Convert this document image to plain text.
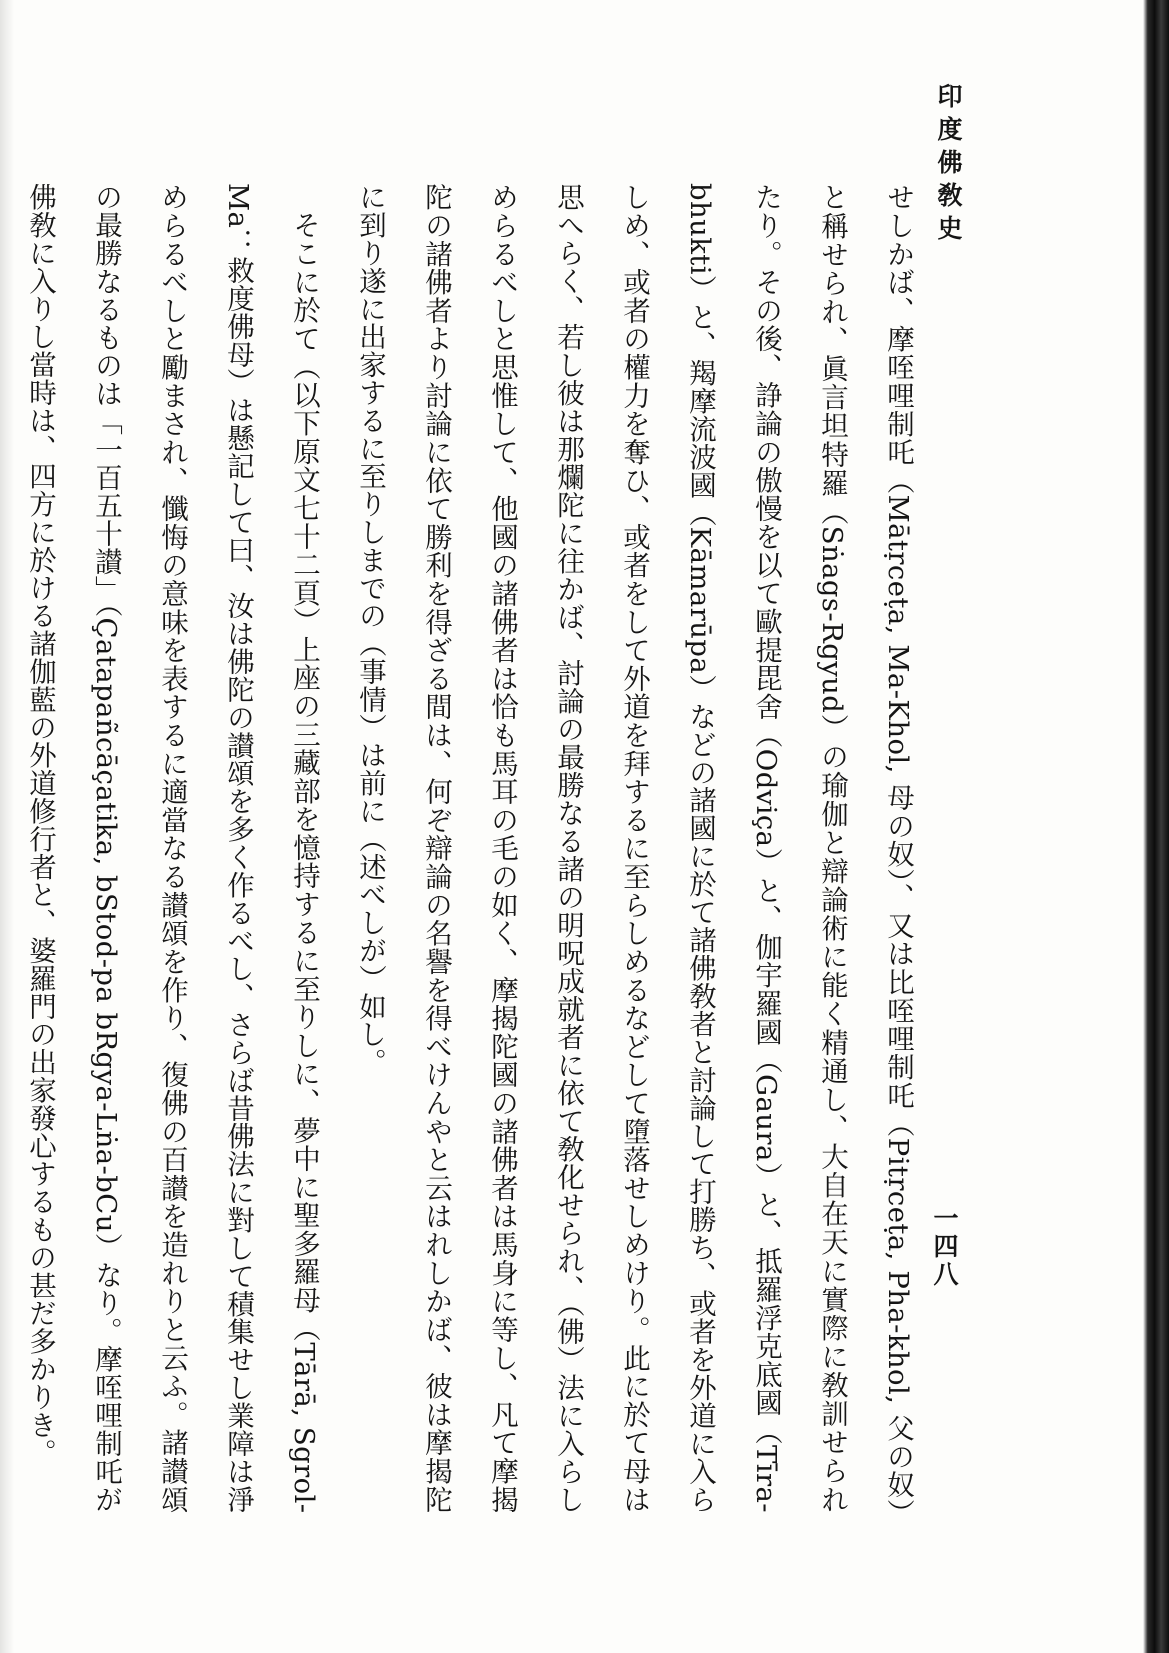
印度佛敎史
一四八

せしかば、摩咥哩制吒（Mātṛceṭa, Ma-Khol, 母の奴）、又は比咥哩制吒（Pitṛceṭa, Pha-khol, 父の奴）と稱せられ、眞言坦特羅（Sṅags-Rgyud）の瑜伽と辯論術に能く精通し、大自在天に實際に敎訓せられたり。その後、諍論の傲慢を以て歐提毘舍（Odviça）と、伽宇羅國（Gaura）と、抵羅浮克底國（Tīra-bhukti）と、羯摩流波國（Kāmarūpa）などの諸國に於て諸佛敎者と討論して打勝ち、或者を外道に入らしめ、或者の權力を奪ひ、或者をして外道を拜するに至らしめるなどして墮落せしめけり。此に於て母は思へらく、若し彼は那爛陀に往かば、討論の最勝なる諸の明呪成就者に依て敎化せられ、（佛）法に入らしめらるべしと思惟して、他國の諸佛者は恰も馬耳の毛の如く、摩揭陀國の諸佛者は馬身に等し、凡て摩揭陀の諸佛者より討論に依て勝利を得ざる間は、何ぞ辯論の名譽を得べけんやと云はれしかば、彼は摩揭陀に到り遂に出家するに至りしまでの（事情）は前に（述べしが）如し。

そこに於て（以下原文七十二頁）上座の三藏部を憶持するに至りしに、夢中に聖多羅母（Tārā, Sgrol-Ma：救度佛母）は懸記して曰、汝は佛陀の讃頌を多く作るべし、さらば昔佛法に對して積集せし業障は淨めらるべしと勵まされ、懺悔の意味を表するに適當なる讃頌を作り、復佛の百讃を造れりと云ふ。諸讃頌の最勝なるものは「一百五十讃」（Çatapañcāçatika, bStod-pa bRgya-Lṅa-bCu）なり。摩咥哩制吒が佛敎に入りし當時は、四方に於ける諸伽藍の外道修行者と、婆羅門の出家發心するもの甚だ多かりき。
